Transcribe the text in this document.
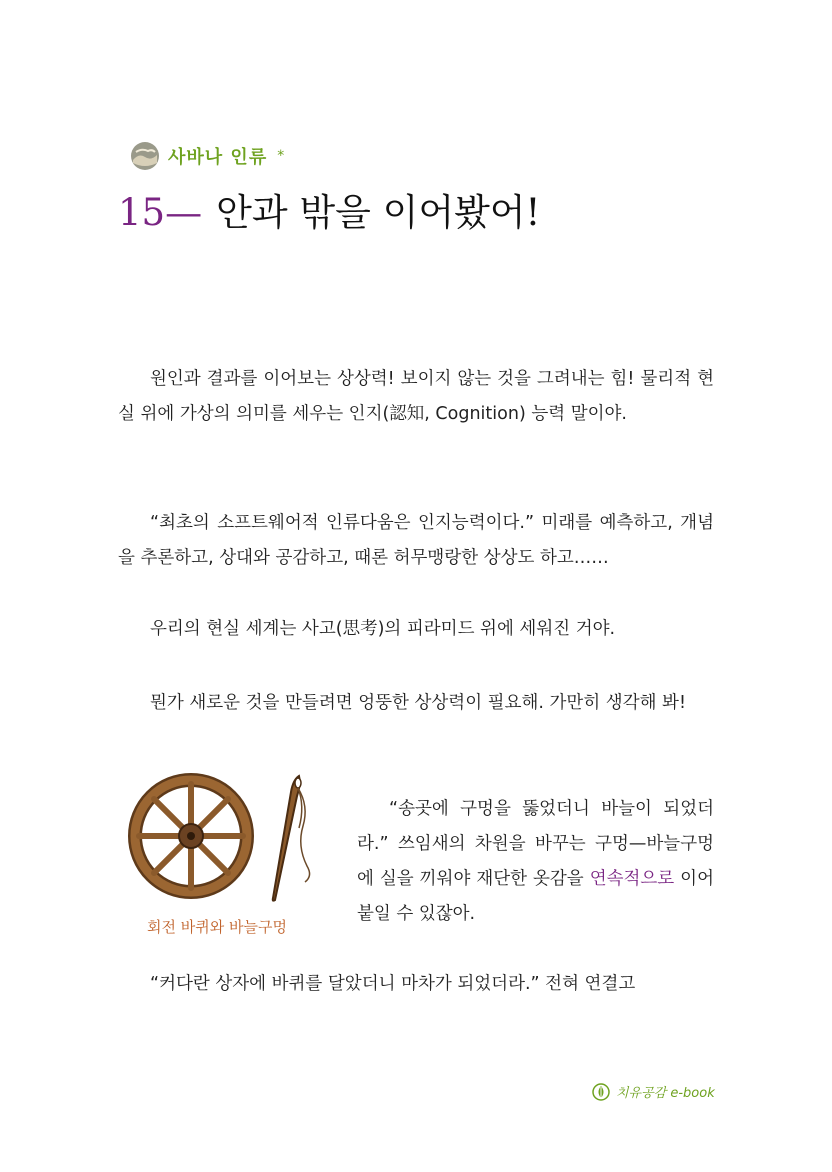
사바나 인류 *
15— 안과 밖을 이어봤어!
원인과 결과를 이어보는 상상력! 보이지 않는 것을 그려내는 힘! 물리적 현실 위에 가상의 의미를 세우는 인지(認知, Cognition) 능력 말이야.
“최초의 소프트웨어적 인류다움은 인지능력이다.” 미래를 예측하고, 개념을 추론하고, 상대와 공감하고, 때론 허무맹랑한 상상도 하고……
우리의 현실 세계는 사고(思考)의 피라미드 위에 세워진 거야.
뭔가 새로운 것을 만들려면 엉뚱한 상상력이 필요해. 가만히 생각해 봐!
회전 바퀴와 바늘구멍
“송곳에 구멍을 뚫었더니 바늘이 되었더라.” 쓰임새의 차원을 바꾸는 구멍—바늘구멍에 실을 끼워야 재단한 옷감을 연속적으로 이어 붙일 수 있잖아.
“커다란 상자에 바퀴를 달았더니 마차가 되었더라.” 전혀 연결고
치유공감 e-book
